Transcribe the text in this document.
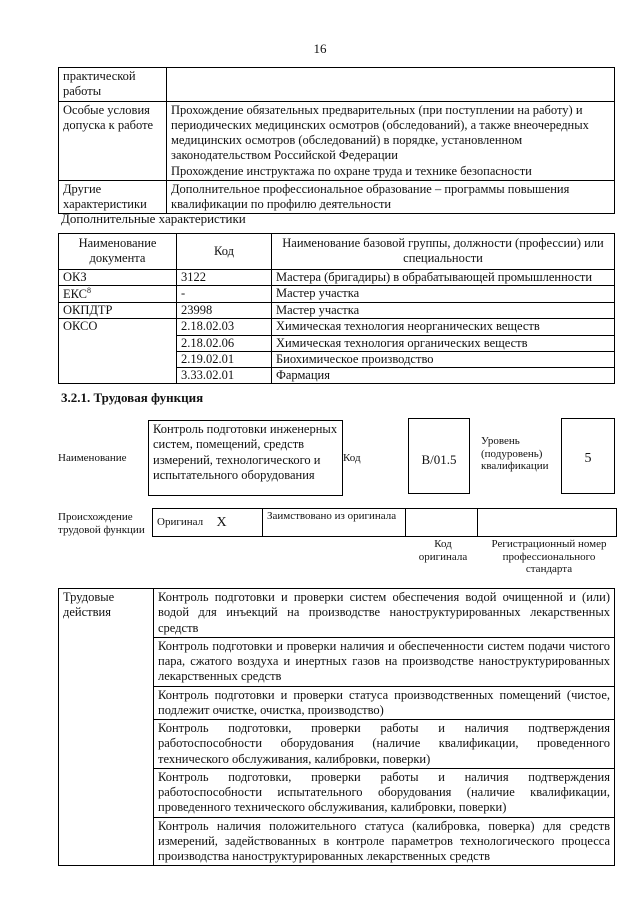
16
практической работы	
Особые условия допуска к работе	Прохождение обязательных предварительных (при поступлении на работу) и периодических медицинских осмотров (обследований), а также внеочередных медицинских осмотров (обследований) в порядке, установленном законодательством Российской Федерации
Прохождение инструктажа по охране труда и технике безопасности

Другие характеристики	Дополнительное профессиональное образование – программы повышения квалификации по профилю деятельности
Дополнительные характеристики
Наименование документа	Код	Наименование базовой группы, должности (профессии) или специальности
ОКЗ	3122	Мастера (бригадиры) в обрабатывающей промышленности
ЕКС$^8$	-	Мастер участка
ОКПДТР	23998	Мастер участка
ОКСО	2.18.02.03	Химическая технология неорганических веществ
	2.18.02.06	Химическая технология органических веществ
	2.19.02.01	Биохимическое производство
	3.33.02.01	Фармация
3.2.1. Трудовая функция
Наименование
Контроль подготовки инженерных систем, помещений, средств измерений, технологического и испытательного оборудования
Код	B/01.5
Уровень (подуровень) квалификации
5
Происхождение трудовой функции
Оригинал	X	Заимствовано из оригинала		
Код оригинала
Регистрационный номер профессионального стандарта
Трудовые действия	Контроль подготовки и проверки систем обеспечения водой очищенной и (или) водой для инъекций на производстве наноструктурированных лекарственных средств
Контроль подготовки и проверки наличия и обеспеченности систем подачи чистого пара, сжатого воздуха и инертных газов на производстве наноструктурированных лекарственных средств
Контроль подготовки и проверки статуса производственных помещений (чистое, подлежит очистке, очистка, производство)
Контроль подготовки, проверки работы и наличия подтверждения работоспособности оборудования (наличие квалификации, проведенного технического обслуживания, калибровки, поверки)
Контроль подготовки, проверки работы и наличия подтверждения работоспособности испытательного оборудования (наличие квалификации, проведенного технического обслуживания, калибровки, поверки)
Контроль наличия положительного статуса (калибровка, поверка) для средств измерений, задействованных в контроле параметров технологического процесса производства наноструктурированных лекарственных средств
